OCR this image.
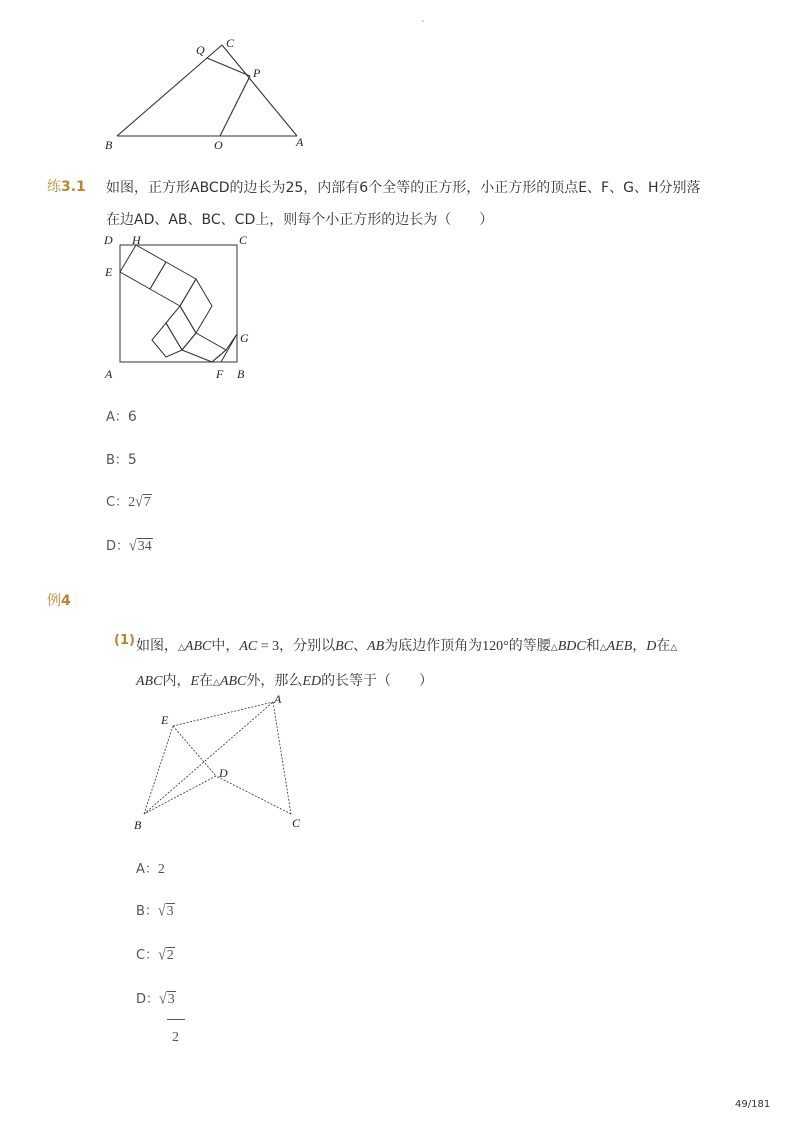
-
Q C
P
B	O	A
练3.1 如图，正方形ABCD的边长为25，内部有6个全等的正方形，小正方形的顶点E、F、G、H分别落
在边AD、AB、BC、CD上，则每个小正方形的边长为（　　）
D H	C
E
G
A	F B
A：6
B：5
C：2√7
D：√34
例4
(1) 如图，△ABC中，AC = 3，分别以BC、AB为底边作顶角为120°的等腰△BDC和△AEB，D在△
ABC内，E在△ABC外，那么ED的长等于（　　）
E
A
D
B	C
A：2
B：√3
C：√2
D：√3
2
49/181
